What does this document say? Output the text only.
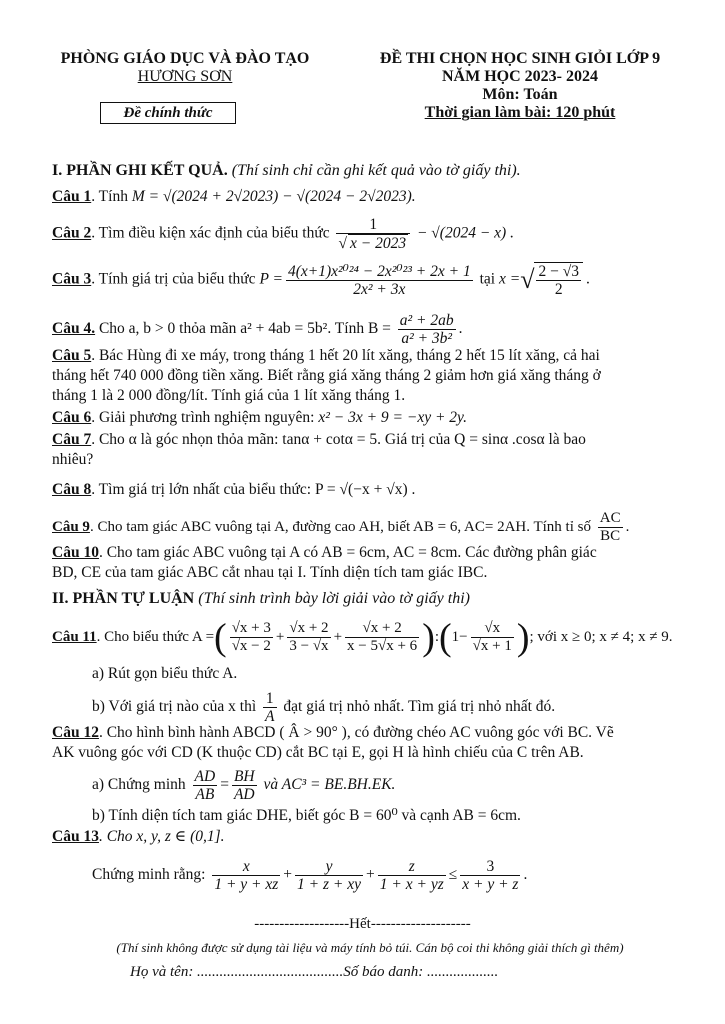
PHÒNG GIÁO DỤC VÀ ĐÀO TẠO
HƯƠNG SƠN
Đề chính thức
ĐỀ THI CHỌN HỌC SINH GIỎI LỚP 9
NĂM HỌC 2023- 2024
Môn: Toán
Thời gian làm bài: 120 phút
I. PHẦN GHI KẾT QUẢ. (Thí sinh chỉ cần ghi kết quả vào tờ giấy thi).
Câu 1. Tính M = √(2024 + 2√2023) − √(2024 − 2√2023).
Câu 2. Tìm điều kiện xác định của biểu thức 1
√ x − 2023 − √(2024 − x) .
Câu 3. Tính giá trị của biểu thức $P = \frac{\text{4(x+1)x²⁰²⁴ − 2x²⁰²³ + 2x + 1}}{\text{2x² + 3x}}$ tại x =√ $\frac{2 - √3}{2}$ .
Câu 4. Cho a, b > 0 thỏa mãn a² + 4ab = 5b². Tính $B = \frac{\text{a² + 2ab}}{\text{a² + 3b²}}$ .
Câu 5. Bác Hùng đi xe máy, trong tháng 1 hết 20 lít xăng, tháng 2 hết 15 lít xăng, cả hai
tháng hết 740 000 đồng tiền xăng. Biết rằng giá xăng tháng 2 giảm hơn giá xăng tháng ở
tháng 1 là 2 000 đồng/lít. Tính giá của 1 lít xăng tháng 1.
Câu 6. Giải phương trình nghiệm nguyên: x² − 3x + 9 = −xy + 2y.
Câu 7. Cho α là góc nhọn thỏa mãn: tanα + cotα = 5. Giá trị của Q = sinα .cosα là bao
nhiêu?
Câu 8. Tìm giá trị lớn nhất của biểu thức: P = √(−x + √x) .
Câu 9. Cho tam giác ABC vuông tại A, đường cao AH, biết AB = 6, AC= 2AH. Tính tỉ số $\frac{AC}{BC}$ .
Câu 10. Cho tam giác ABC vuông tại A có AB = 6cm, AC = 8cm. Các đường phân giác
BD, CE của tam giác ABC cắt nhau tại I. Tính diện tích tam giác IBC.
II. PHẦN TỰ LUẬN (Thí sinh trình bày lời giải vào tờ giấy thi)
Câu 11. Cho biểu thức A =( $\frac{√x + 3}{√x - 2} + \frac{√x + 2}{3 - √x} + \frac{√x + 2}{x - 5√x + 6}$ ):(1− $\frac{√x}{√x + 1}$ ); với x ≥ 0; x ≠ 4; x ≠ 9.
a) Rút gọn biểu thức A.
b) Với giá trị nào của x thì $\frac{1}{A}$ đạt giá trị nhỏ nhất. Tìm giá trị nhỏ nhất đó.
Câu 12. Cho hình bình hành ABCD ( Â > 90° ), có đường chéo AC vuông góc với BC. Vẽ
AK vuông góc với CD (K thuộc CD) cắt BC tại E, gọi H là hình chiếu của C trên AB.
a) Chứng minh $\frac{AD}{AB} = \frac{BH}{AD}$ và AC³ = BE.BH.EK.
b) Tính diện tích tam giác DHE, biết góc B = 60⁰ và cạnh AB = 6cm.
Câu 13. Cho x, y, z ∈ (0,1].
Chứng minh rằng: $\frac{x}{1 + y + xz} + \frac{y}{1 + z + xy} + \frac{z}{1 + x + yz} \le \frac{3}{x + y + z}$ .
-------------------Hết--------------------
(Thí sinh không được sử dụng tài liệu và máy tính bỏ túi. Cán bộ coi thi không giải thích gì thêm)
Họ và tên: .......................................Số báo danh: ...................
